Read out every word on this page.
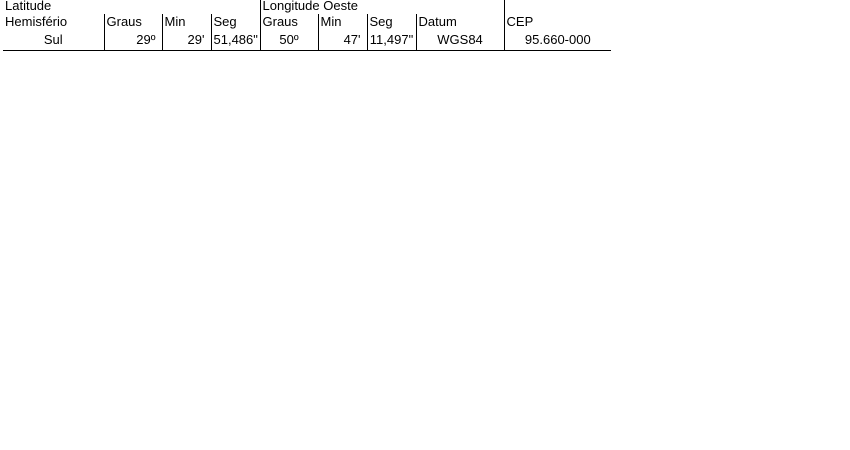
Latitude				Longitude Oeste				
Hemisfério	Graus	Min	Seg	Graus	Min	Seg	Datum	CEP
Sul	29º	29'	51,486"	50º	47'	11,497"	WGS84	95.660-000
